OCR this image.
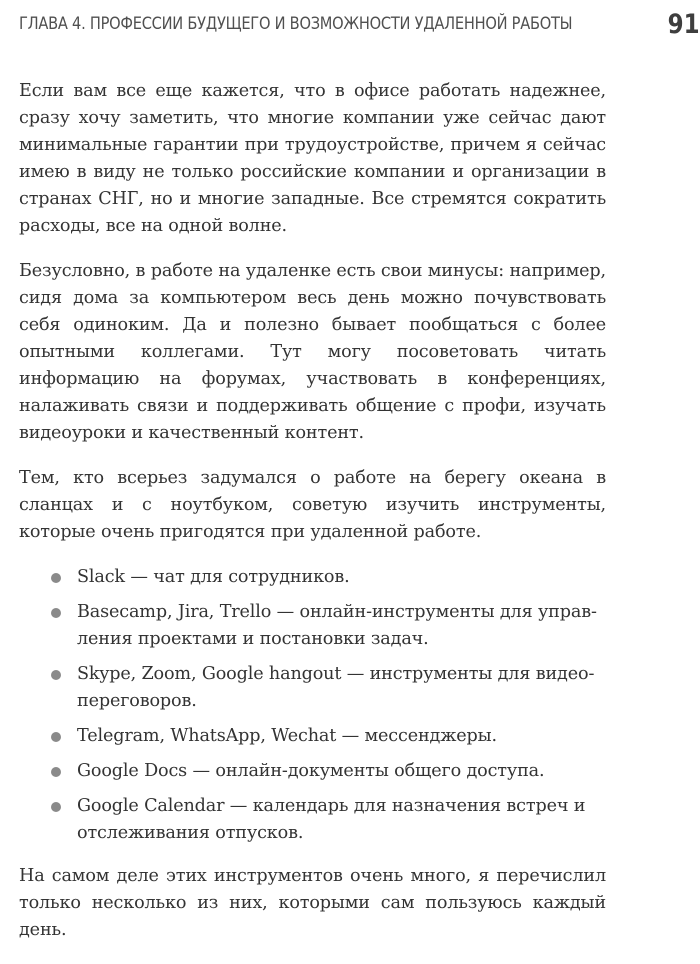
ГЛАВА 4. ПРОФЕССИИ БУДУЩЕГО И ВОЗМОЖНОСТИ УДАЛЕННОЙ РАБОТЫ	91

Если вам все еще кажется, что в офисе работать надежнее, сразу хочу заметить, что многие компании уже сейчас дают минимальные гарантии при трудоустройстве, причем я сейчас имею в виду не только российские компании и организации в странах СНГ, но и многие западные. Все стремятся сократить расходы, все на одной волне.

Безусловно, в работе на удаленке есть свои минусы: например, сидя дома за компьютером весь день можно почувствовать себя одиноким. Да и полезно бывает пообщаться с более опытными коллегами. Тут могу посоветовать читать информацию на форумах, участвовать в конференциях, налаживать связи и поддерживать общение с профи, изучать видеоуроки и качественный контент.

Тем, кто всерьез задумался о работе на берегу океана в сланцах и с ноутбуком, советую изучить инструменты, которые очень пригодятся при удаленной работе.

Slack — чат для сотрудников.
Basecamp, Jira, Trello — онлайн-инструменты для управления проектами и постановки задач.
Skype, Zoom, Google hangout — инструменты для видеопереговоров.
Telegram, WhatsApp, Wechat — мессенджеры.
Google Docs — онлайн-документы общего доступа.
Google Calendar — календарь для назначения встреч и отслеживания отпусков.

На самом деле этих инструментов очень много, я перечислил только несколько из них, которыми сам пользуюсь каждый день.
